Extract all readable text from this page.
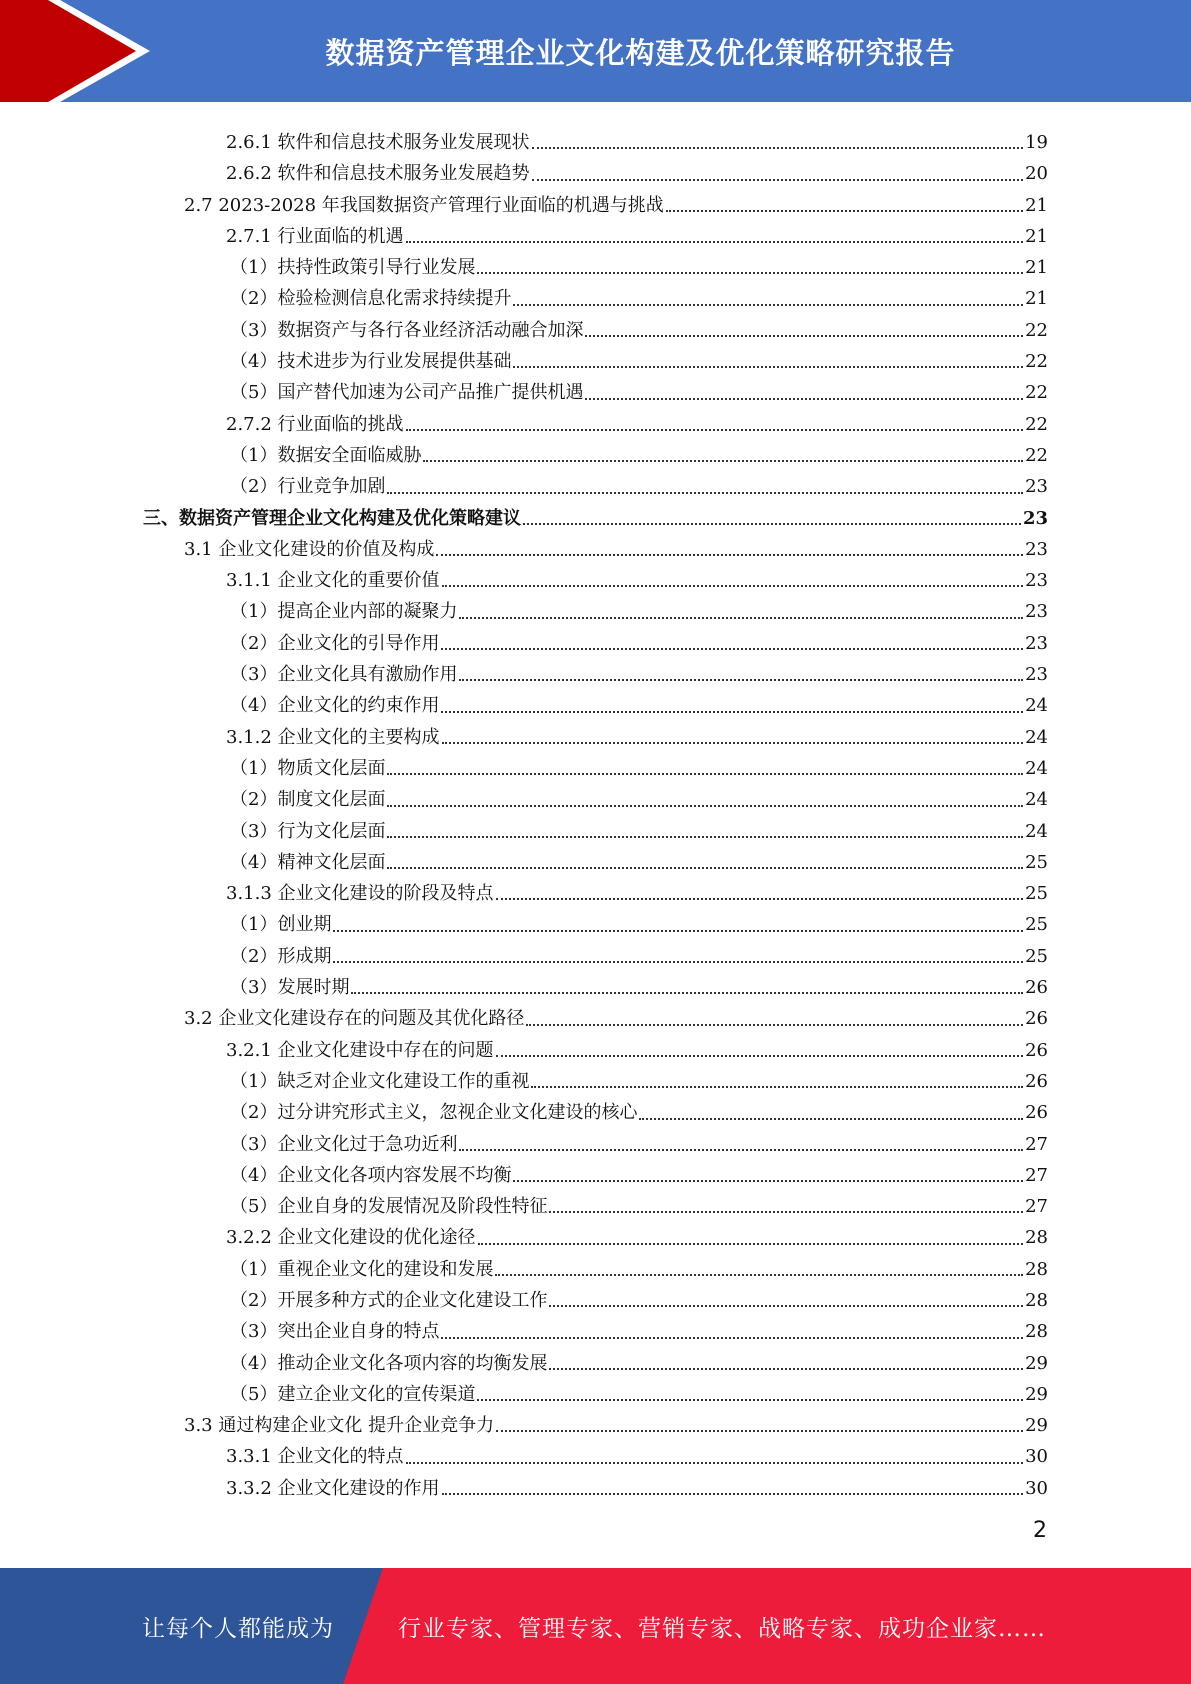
数据资产管理企业文化构建及优化策略研究报告
2.6.1 软件和信息技术服务业发展现状	19
2.6.2 软件和信息技术服务业发展趋势	20
2.7 2023-2028 年我国数据资产管理行业面临的机遇与挑战	21
2.7.1 行业面临的机遇	21
（1）扶持性政策引导行业发展	21
（2）检验检测信息化需求持续提升	21
（3）数据资产与各行各业经济活动融合加深	22
（4）技术进步为行业发展提供基础	22
（5）国产替代加速为公司产品推广提供机遇	22
2.7.2 行业面临的挑战	22
（1）数据安全面临威胁	22
（2）行业竞争加剧	23
三、数据资产管理企业文化构建及优化策略建议	23
3.1 企业文化建设的价值及构成	23
3.1.1 企业文化的重要价值	23
（1）提高企业内部的凝聚力	23
（2）企业文化的引导作用	23
（3）企业文化具有激励作用	23
（4）企业文化的约束作用	24
3.1.2 企业文化的主要构成	24
（1）物质文化层面	24
（2）制度文化层面	24
（3）行为文化层面	24
（4）精神文化层面	25
3.1.3 企业文化建设的阶段及特点	25
（1）创业期	25
（2）形成期	25
（3）发展时期	26
3.2 企业文化建设存在的问题及其优化路径	26
3.2.1 企业文化建设中存在的问题	26
（1）缺乏对企业文化建设工作的重视	26
（2）过分讲究形式主义，忽视企业文化建设的核心	26
（3）企业文化过于急功近利	27
（4）企业文化各项内容发展不均衡	27
（5）企业自身的发展情况及阶段性特征	27
3.2.2 企业文化建设的优化途径	28
（1）重视企业文化的建设和发展	28
（2）开展多种方式的企业文化建设工作	28
（3）突出企业自身的特点	28
（4）推动企业文化各项内容的均衡发展	29
（5）建立企业文化的宣传渠道	29
3.3 通过构建企业文化 提升企业竞争力	29
3.3.1 企业文化的特点	30
3.3.2 企业文化建设的作用	30
2
让每个人都能成为	行业专家、管理专家、营销专家、战略专家、成功企业家……
